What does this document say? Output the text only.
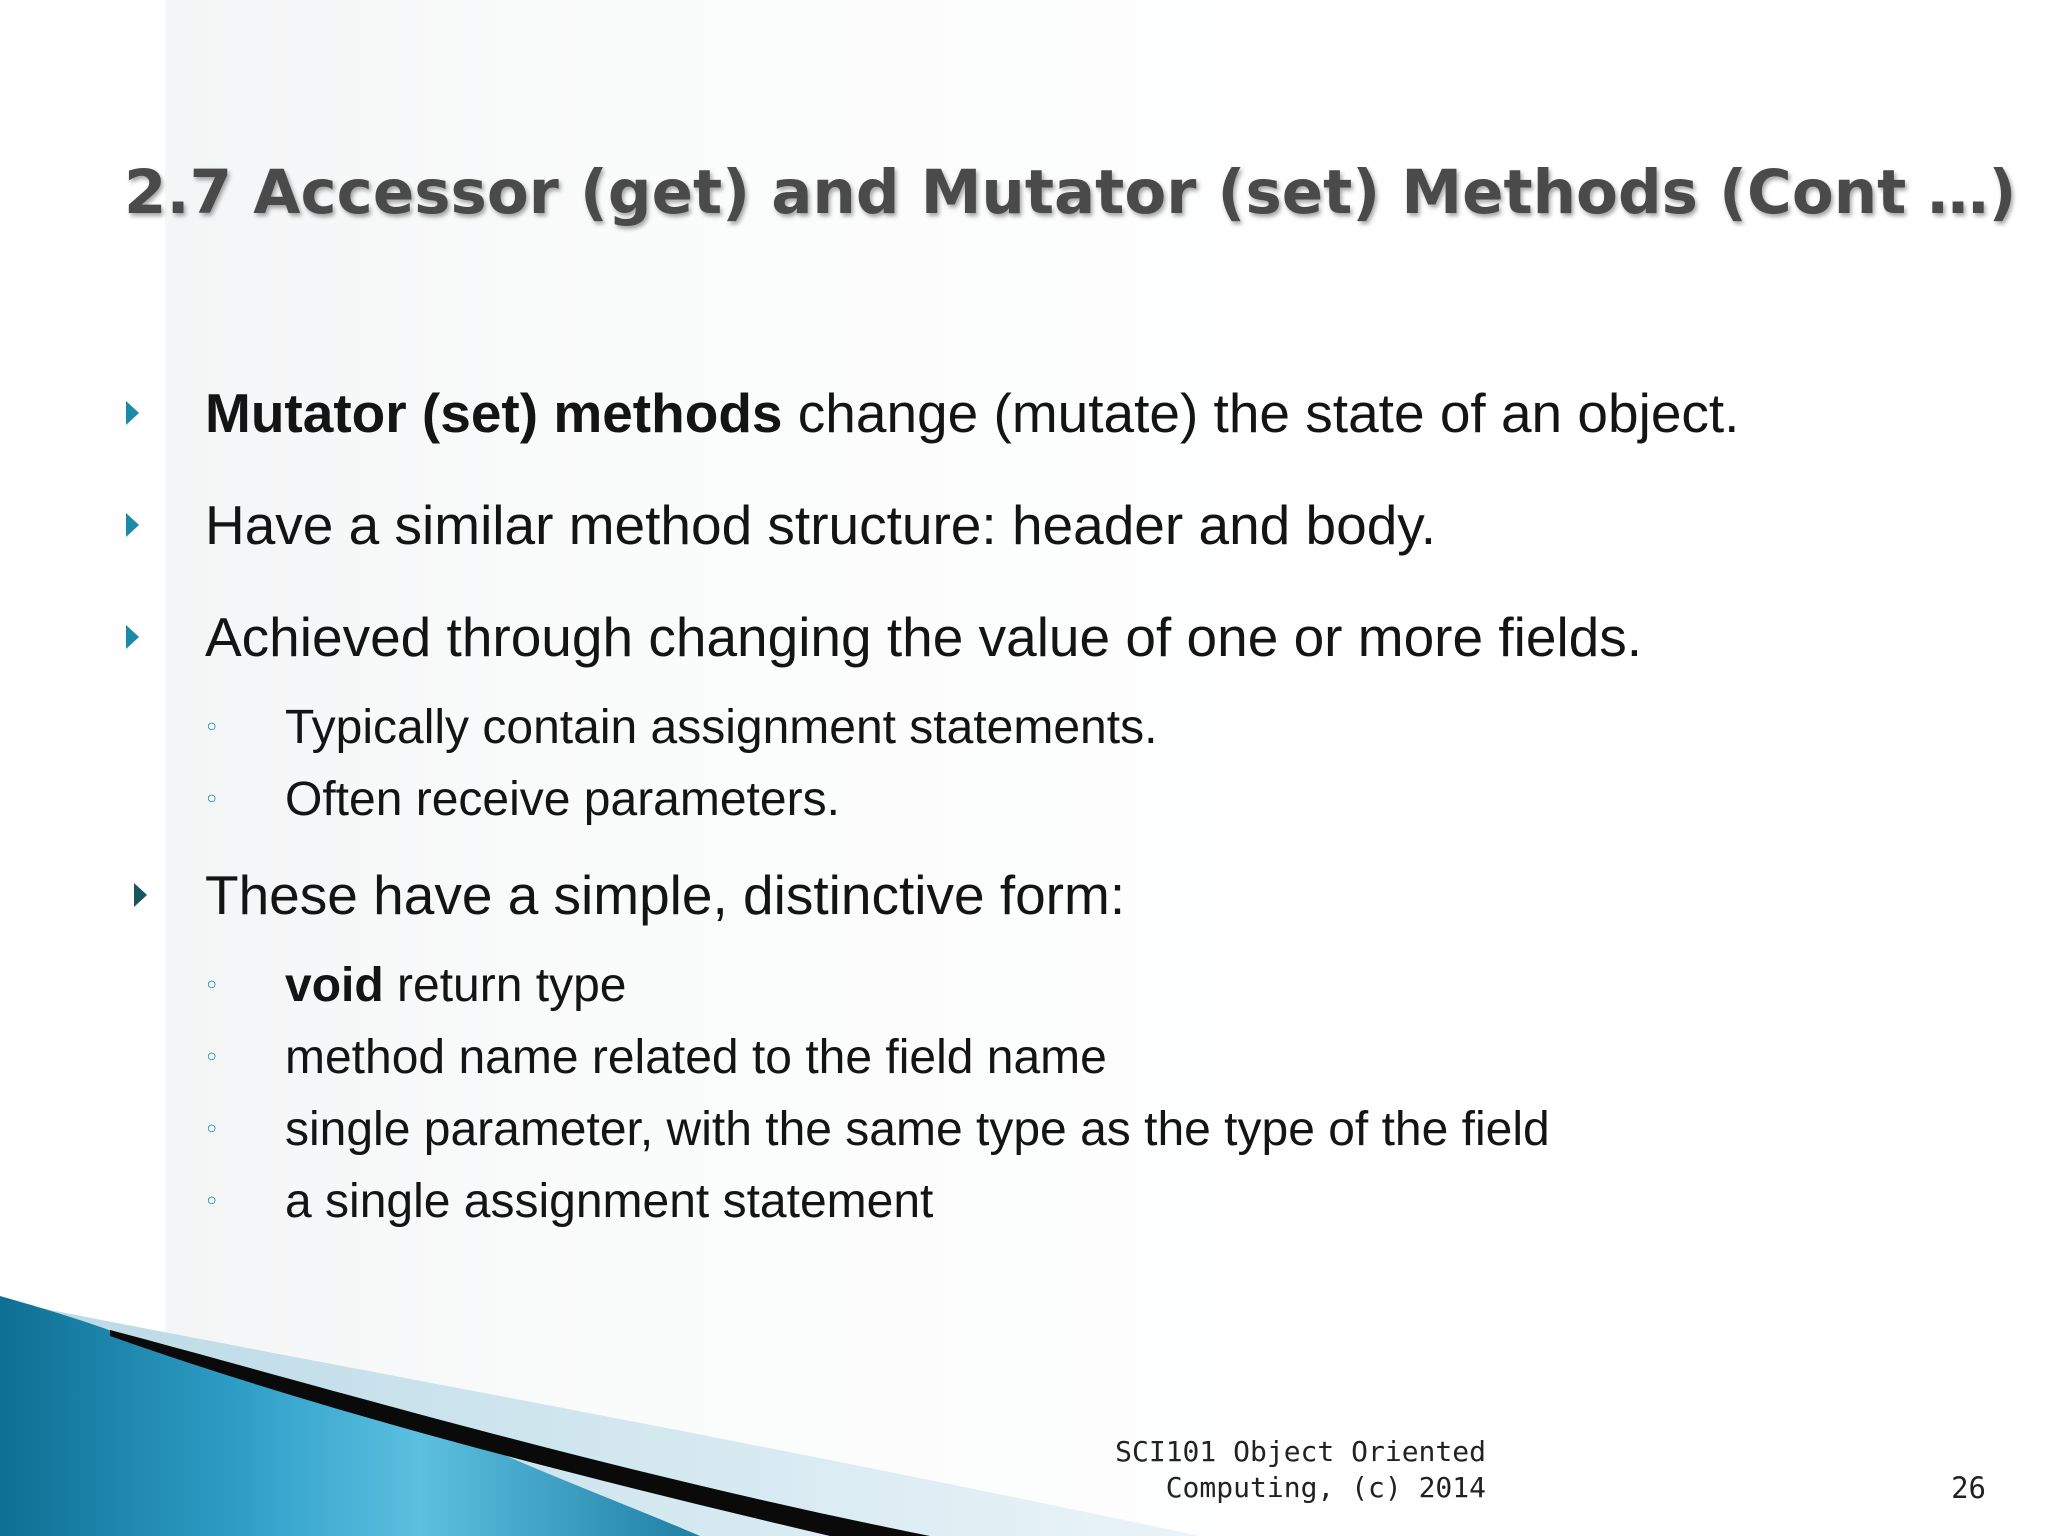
2.7 Accessor (get) and Mutator (set) Methods (Cont …)
Mutator (set) methods change (mutate) the state of an object.
Have a similar method structure: header and body.
Achieved through changing the value of one or more fields.
◦ Typically contain assignment statements.
◦ Often receive parameters.
These have a simple, distinctive form:
◦ void return type
◦ method name related to the field name
◦ single parameter, with the same type as the type of the field
◦ a single assignment statement
SCI101 Object Oriented
Computing, (c) 2014	26
